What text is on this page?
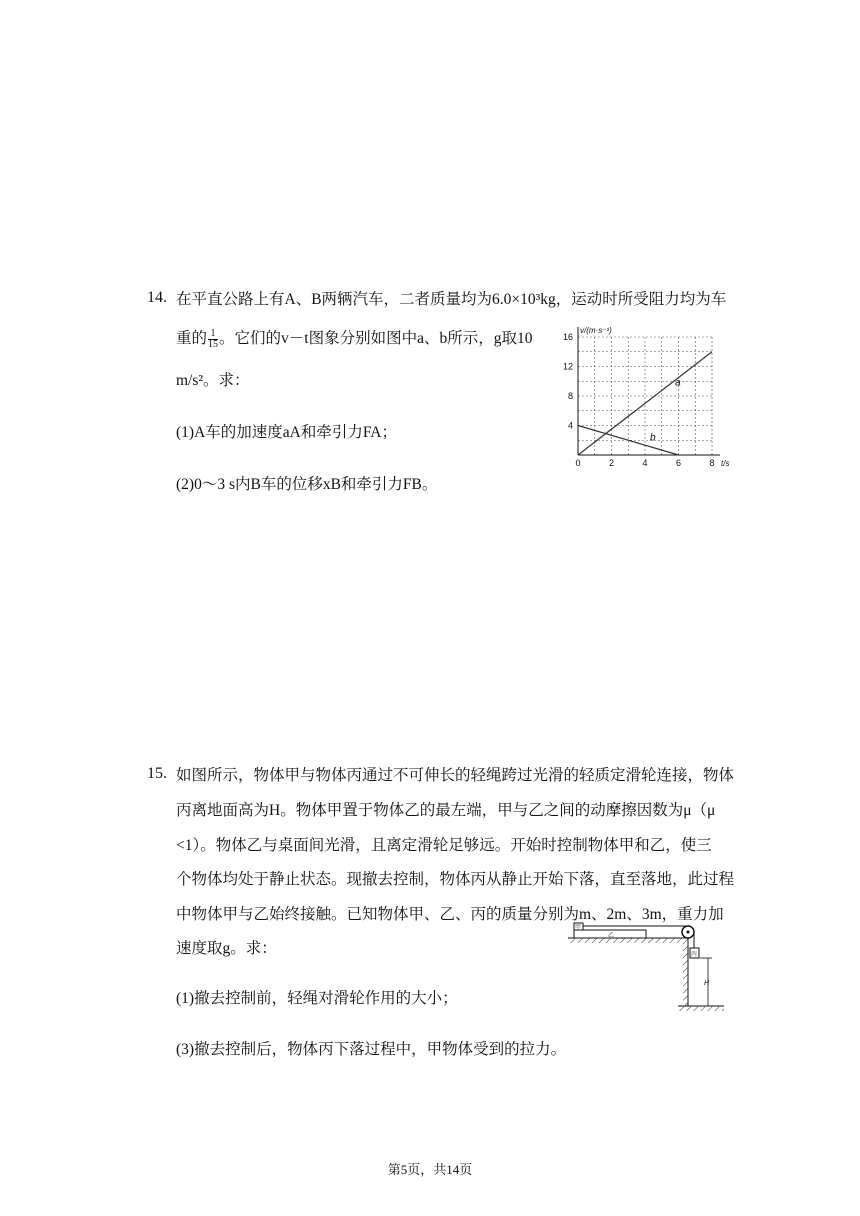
14. 在平直公路上有A、B两辆汽车，二者质量均为6.0×10³kg，运动时所受阻力均为车
重的 $\frac{1}{15}$ 。它们的v－t图象分别如图中a、b所示，g取10
m/s²。求：
(1)A车的加速度aA和牵引力FA；
(2)0～3 s内B车的位移xB和牵引力FB。
0	2	4	6	8
4
8
12
16
t/s
v/(m·s⁻¹)
a
b
15. 如图所示，物体甲与物体丙通过不可伸长的轻绳跨过光滑的轻质定滑轮连接，物体
丙离地面高为H。物体甲置于物体乙的最左端，甲与乙之间的动摩擦因数为μ（μ
<1）。物体乙与桌面间光滑，且离定滑轮足够远。开始时控制物体甲和乙，使三
个物体均处于静止状态。现撤去控制，物体丙从静止开始下落，直至落地，此过程
中物体甲与乙始终接触。已知物体甲、乙、丙的质量分别为m、2m、3m，重力加
速度取g。求：
(1)撤去控制前，轻绳对滑轮作用的大小；
(3)撤去控制后，物体丙下落过程中，甲物体受到的拉力。
乙
甲
丙
H
第5页，共14页
